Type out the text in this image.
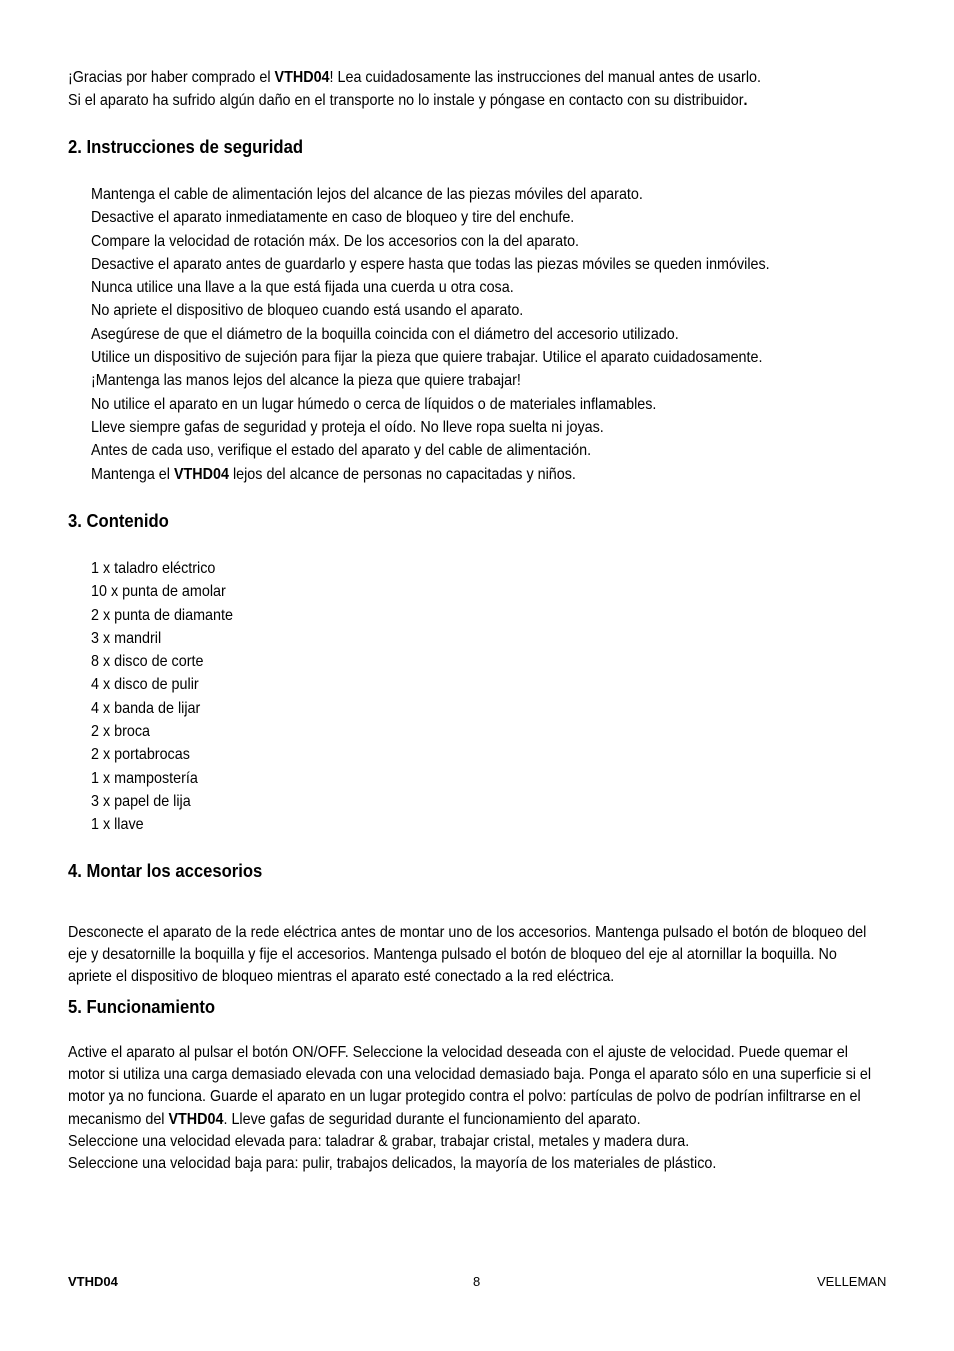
¡Gracias por haber comprado el VTHD04! Lea cuidadosamente las instrucciones del manual antes de usarlo.

Si el aparato ha sufrido algún daño en el transporte no lo instale y póngase en contacto con su distribuidor.

2. Instrucciones de seguridad
Mantenga el cable de alimentación lejos del alcance de las piezas móviles del aparato.
Desactive el aparato inmediatamente en caso de bloqueo y tire del enchufe.
Compare la velocidad de rotación máx. De los accesorios con la del aparato.
Desactive el aparato antes de guardarlo y espere hasta que todas las piezas móviles se queden inmóviles.
Nunca utilice una llave a la que está fijada una cuerda u otra cosa.
No apriete el dispositivo de bloqueo cuando está usando el aparato.
Asegúrese de que el diámetro de la boquilla coincida con el diámetro del accesorio utilizado.
Utilice un dispositivo de sujeción para fijar la pieza que quiere trabajar. Utilice el aparato cuidadosamente.
¡Mantenga las manos lejos del alcance la pieza que quiere trabajar!
No utilice el aparato en un lugar húmedo o cerca de líquidos o de materiales inflamables.
Lleve siempre gafas de seguridad y proteja el oído. No lleve ropa suelta ni joyas.
Antes de cada uso, verifique el estado del aparato y del cable de alimentación.
Mantenga el VTHD04 lejos del alcance de personas no capacitadas y niños.
3. Contenido
1 x taladro eléctrico
10 x punta de amolar
2 x punta de diamante
3 x mandril
8 x disco de corte
4 x disco de pulir
4 x banda de lijar
2 x broca
2 x portabrocas
1 x mampostería
3 x papel de lija
1 x llave
4. Montar los accesorios

Desconecte el aparato de la rede eléctrica antes de montar uno de los accesorios. Mantenga pulsado el botón de bloqueo del eje y desatornille la boquilla y fije el accesorios. Mantenga pulsado el botón de bloqueo del eje al atornillar la boquilla. No apriete el dispositivo de bloqueo mientras el aparato esté conectado a la red eléctrica.

5. Funcionamiento
Active el aparato al pulsar el botón ON/OFF. Seleccione la velocidad deseada con el ajuste de velocidad. Puede quemar el motor si utiliza una carga demasiado elevada con una velocidad demasiado baja. Ponga el aparato sólo en una superficie si el motor ya no funciona. Guarde el aparato en un lugar protegido contra el polvo: partículas de polvo de podrían infiltrarse en el mecanismo del VTHD04. Lleve gafas de seguridad durante el funcionamiento del aparato.
Seleccione una velocidad elevada para: taladrar & grabar, trabajar cristal, metales y madera dura.
Seleccione una velocidad baja para: pulir, trabajos delicados, la mayoría de los materiales de plástico.
VTHD04	8	VELLEMAN
